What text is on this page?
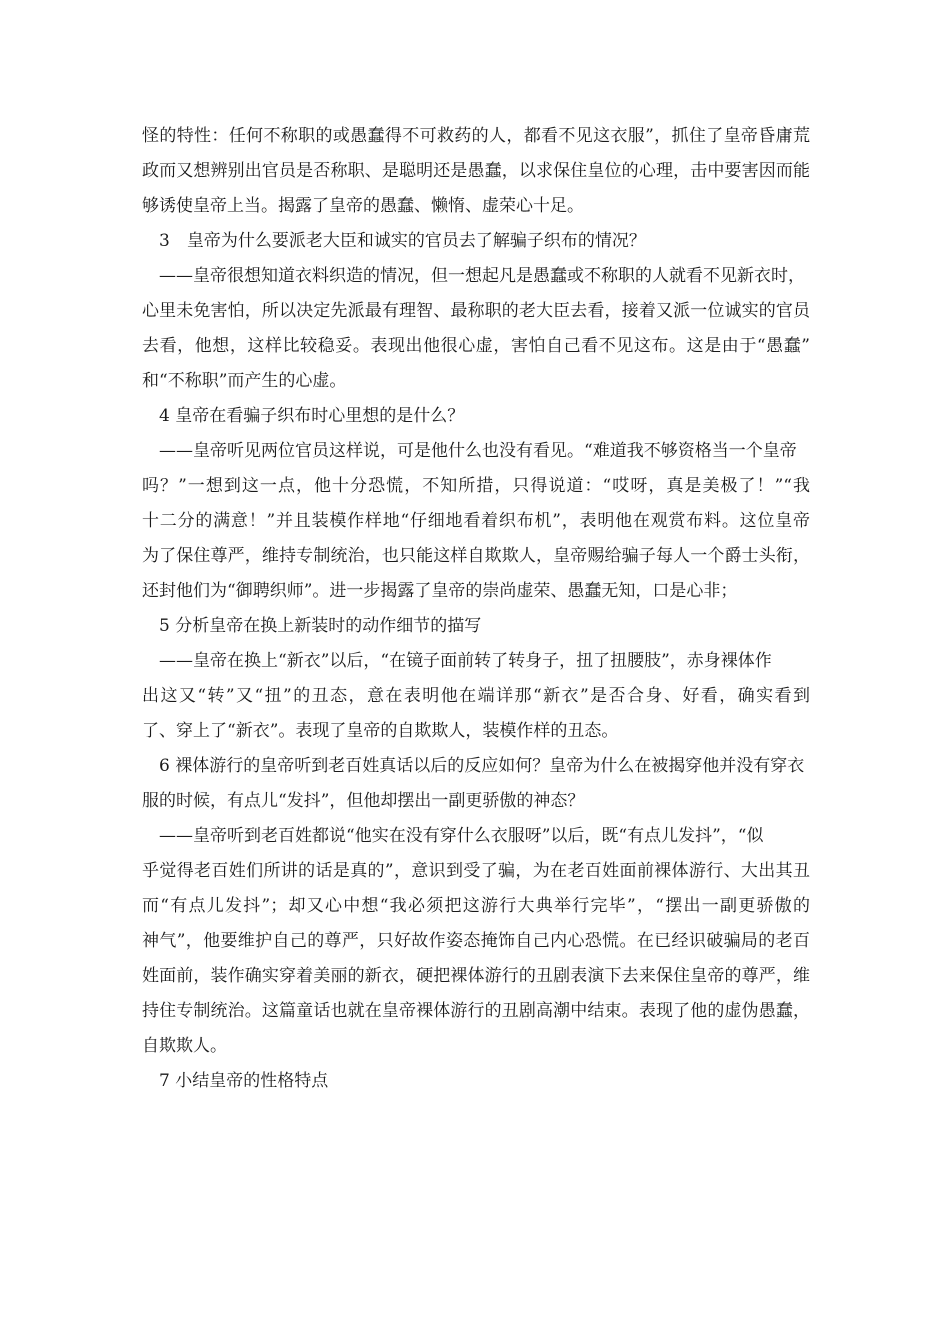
怪的特性：任何不称职的或愚蠢得不可救药的人，都看不见这衣服”，抓住了皇帝昏庸荒
政而又想辨别出官员是否称职、是聪明还是愚蠢，以求保住皇位的心理，击中要害因而能
够诱使皇帝上当。揭露了皇帝的愚蠢、懒惰、虚荣心十足。
3　皇帝为什么要派老大臣和诚实的官员去了解骗子织布的情况？
——皇帝很想知道衣料织造的情况，但一想起凡是愚蠢或不称职的人就看不见新衣时，
心里未免害怕，所以决定先派最有理智、最称职的老大臣去看，接着又派一位诚实的官员
去看，他想，这样比较稳妥。表现出他很心虚，害怕自己看不见这布。这是由于“愚蠢”
和“不称职”而产生的心虚。
4 皇帝在看骗子织布时心里想的是什么？
——皇帝听见两位官员这样说，可是他什么也没有看见。“难道我不够资格当一个皇帝
吗？”一想到这一点，他十分恐慌，不知所措，只得说道：“哎呀，真是美极了！”“我
十二分的满意！”并且装模作样地“仔细地看着织布机”，表明他在观赏布料。这位皇帝
为了保住尊严，维持专制统治，也只能这样自欺欺人，皇帝赐给骗子每人一个爵士头衔，
还封他们为“御聘织师”。进一步揭露了皇帝的崇尚虚荣、愚蠢无知，口是心非；
5 分析皇帝在换上新装时的动作细节的描写
——皇帝在换上“新衣”以后，“在镜子面前转了转身子，扭了扭腰肢”，赤身裸体作
出这又“转”又“扭”的丑态，意在表明他在端详那“新衣”是否合身、好看，确实看到
了、穿上了“新衣”。表现了皇帝的自欺欺人，装模作样的丑态。
6 裸体游行的皇帝听到老百姓真话以后的反应如何？皇帝为什么在被揭穿他并没有穿衣
服的时候，有点儿“发抖”，但他却摆出一副更骄傲的神态？
——皇帝听到老百姓都说“他实在没有穿什么衣服呀”以后，既“有点儿发抖”，“似
乎觉得老百姓们所讲的话是真的”，意识到受了骗，为在老百姓面前裸体游行、大出其丑
而“有点儿发抖”；却又心中想“我必须把这游行大典举行完毕”，“摆出一副更骄傲的
神气”，他要维护自己的尊严，只好故作姿态掩饰自己内心恐慌。在已经识破骗局的老百
姓面前，装作确实穿着美丽的新衣，硬把裸体游行的丑剧表演下去来保住皇帝的尊严，维
持住专制统治。这篇童话也就在皇帝裸体游行的丑剧高潮中结束。表现了他的虚伪愚蠢，
自欺欺人。
7 小结皇帝的性格特点
